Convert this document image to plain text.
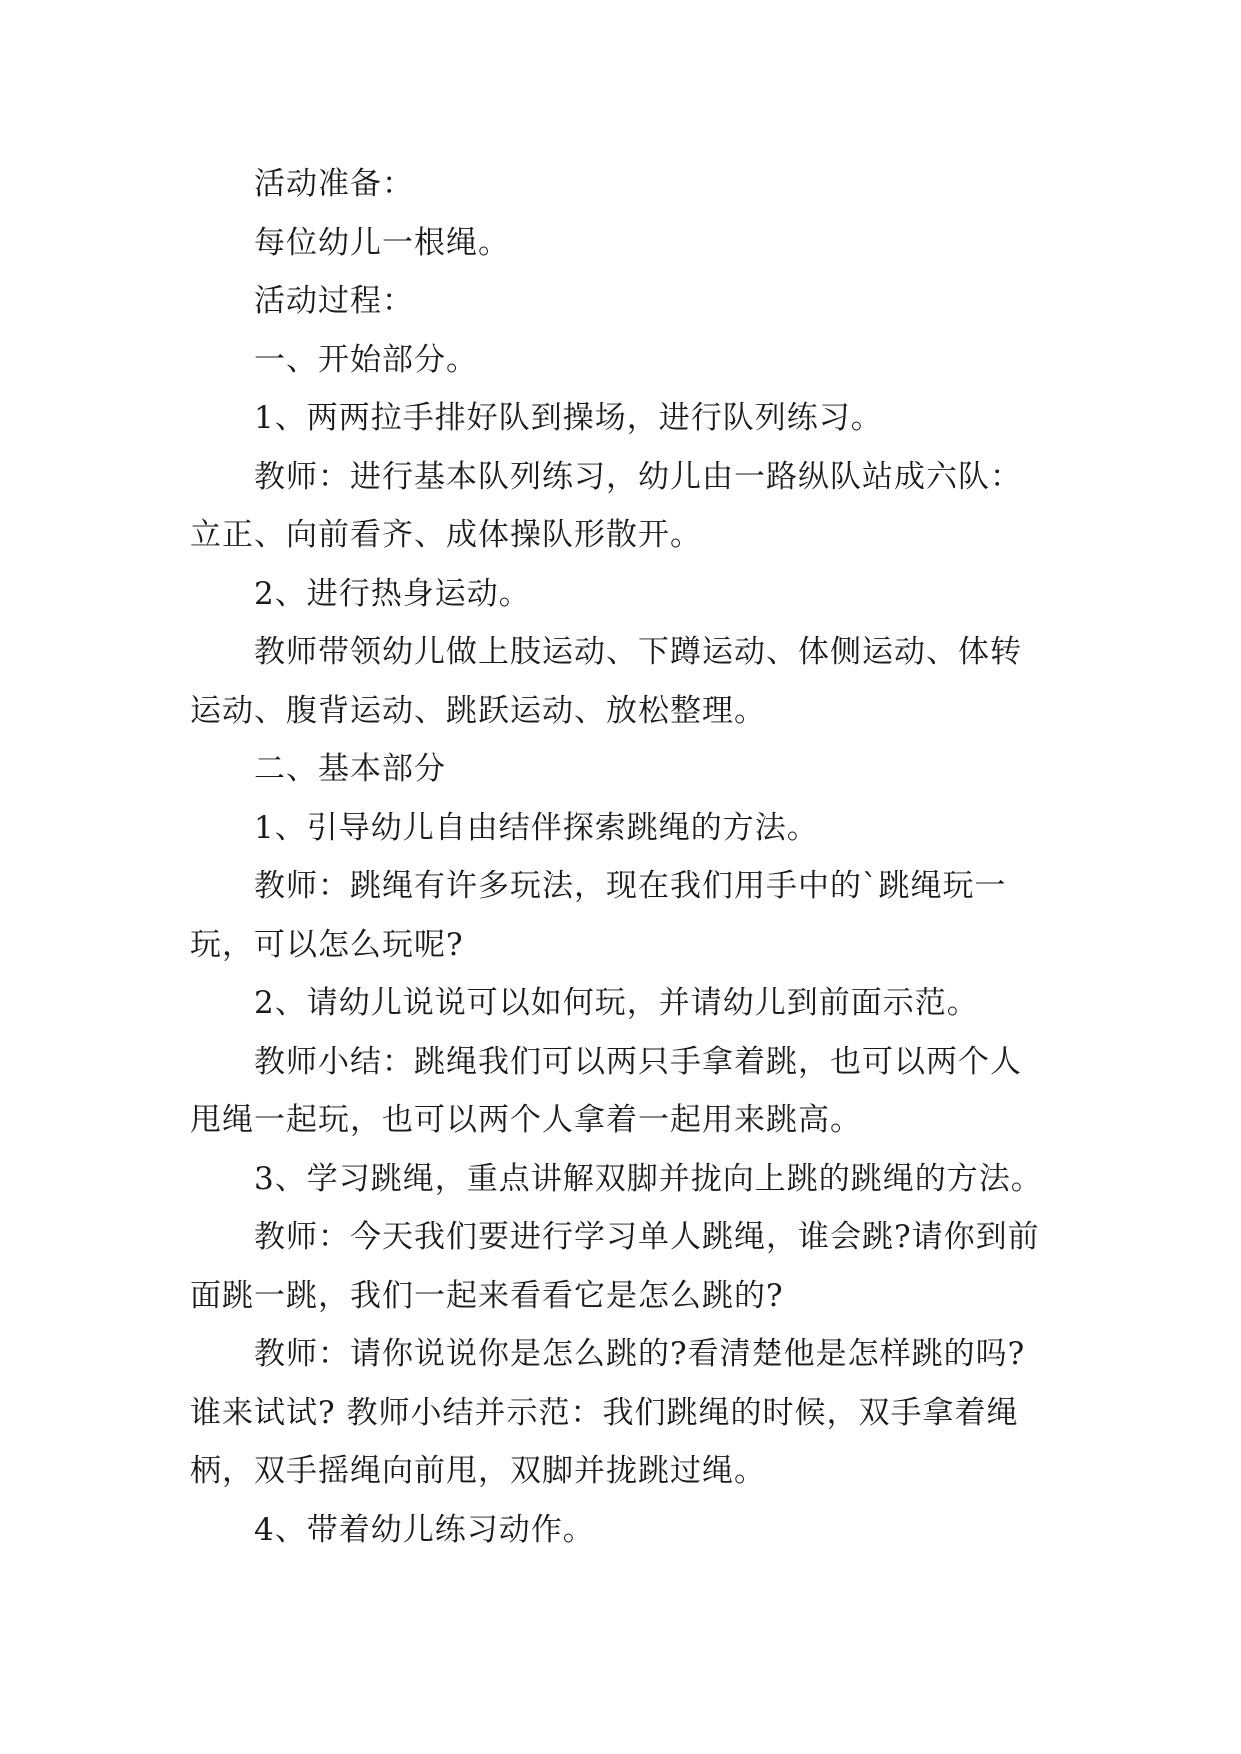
活动准备：

每位幼儿一根绳。

活动过程：

一、开始部分。

1、两两拉手排好队到操场，进行队列练习。

教师：进行基本队列练习，幼儿由一路纵队站成六队：立正、向前看齐、成体操队形散开。

2、进行热身运动。

教师带领幼儿做上肢运动、下蹲运动、体侧运动、体转运动、腹背运动、跳跃运动、放松整理。

二、基本部分

1、引导幼儿自由结伴探索跳绳的方法。

教师：跳绳有许多玩法，现在我们用手中的`跳绳玩一玩，可以怎么玩呢?

2、请幼儿说说可以如何玩，并请幼儿到前面示范。

教师小结：跳绳我们可以两只手拿着跳，也可以两个人甩绳一起玩，也可以两个人拿着一起用来跳高。

3、学习跳绳，重点讲解双脚并拢向上跳的跳绳的方法。

教师：今天我们要进行学习单人跳绳，谁会跳?请你到前面跳一跳，我们一起来看看它是怎么跳的?

教师：请你说说你是怎么跳的?看清楚他是怎样跳的吗?谁来试试? 教师小结并示范：我们跳绳的时候，双手拿着绳柄，双手摇绳向前甩，双脚并拢跳过绳。

4、带着幼儿练习动作。
